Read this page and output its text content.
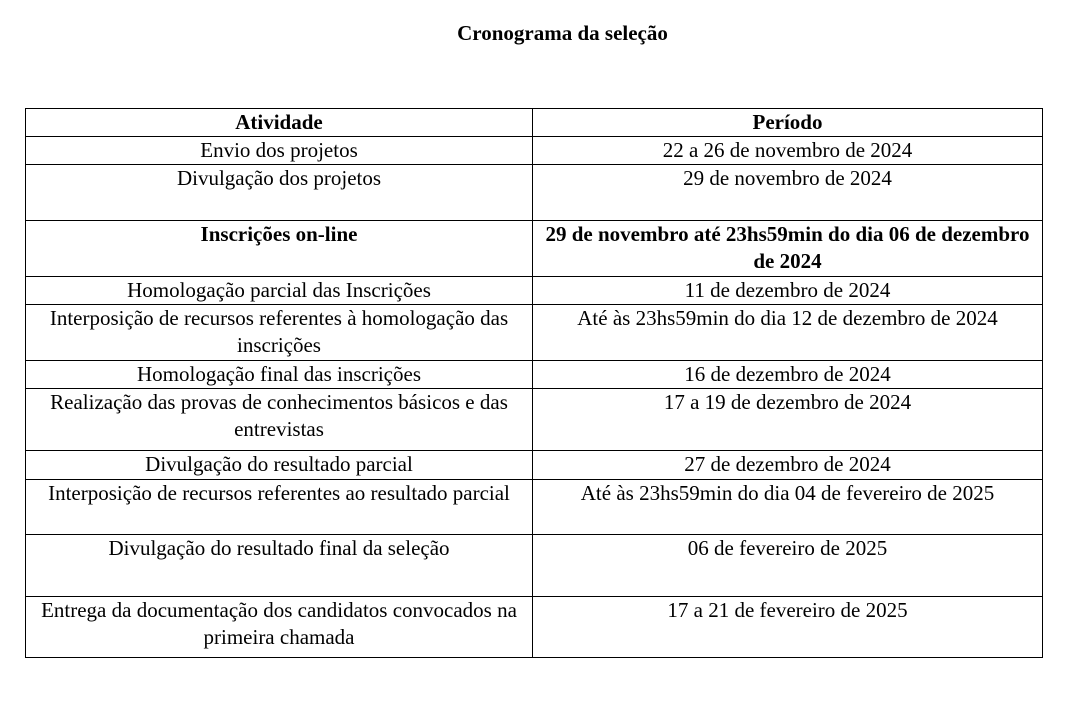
Cronograma da seleção
Atividade	Período
Envio dos projetos	22 a 26 de novembro de 2024
Divulgação dos projetos	29 de novembro de 2024
Inscrições on-line	29 de novembro até 23hs59min do dia 06 de dezembro de 2024
Homologação parcial das Inscrições	11 de dezembro de 2024
Interposição de recursos referentes à homologação das inscrições	Até às 23hs59min do dia 12 de dezembro de 2024
Homologação final das inscrições	16 de dezembro de 2024
Realização das provas de conhecimentos básicos e das entrevistas	17 a 19 de dezembro de 2024
Divulgação do resultado parcial	27 de dezembro de 2024
Interposição de recursos referentes ao resultado parcial	Até às 23hs59min do dia 04 de fevereiro de 2025
Divulgação do resultado final da seleção	06 de fevereiro de 2025
Entrega da documentação dos candidatos convocados na primeira chamada	17 a 21 de fevereiro de 2025
